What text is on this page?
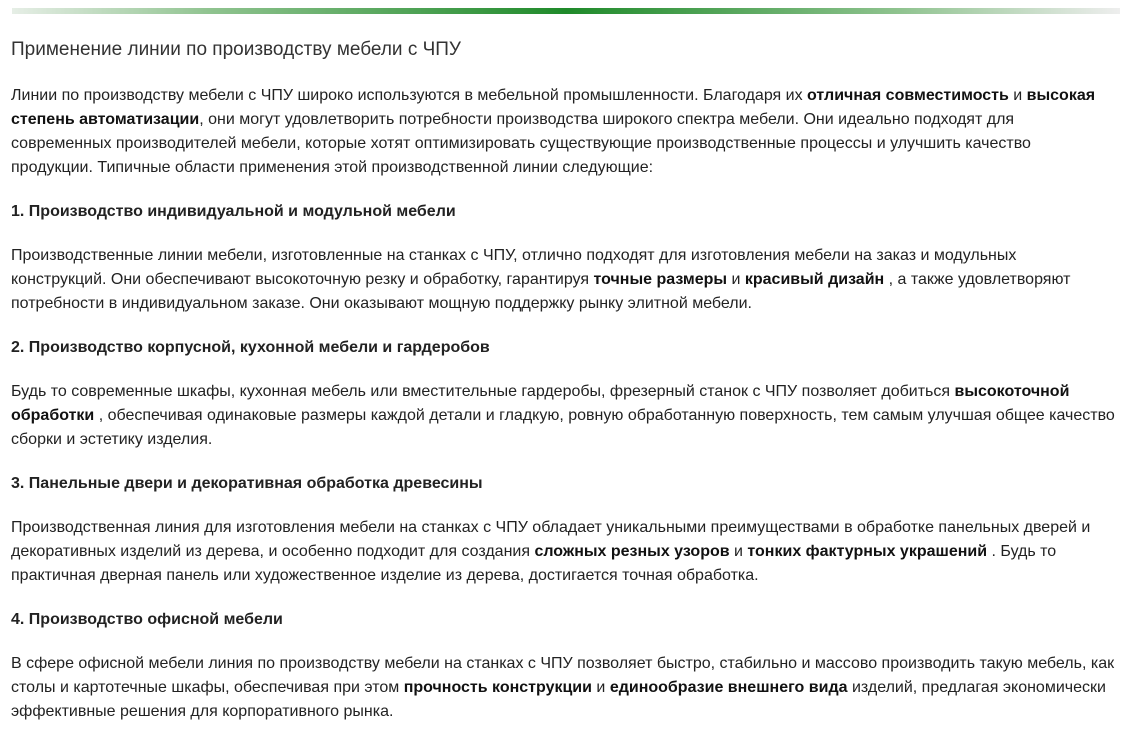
Применение линии по производству мебели с ЧПУ

Линии по производству мебели с ЧПУ широко используются в мебельной промышленности. Благодаря их отличная совместимость и высокая степень автоматизации, они могут удовлетворить потребности производства широкого спектра мебели. Они идеально подходят для современных производителей мебели, которые хотят оптимизировать существующие производственные процессы и улучшить качество продукции. Типичные области применения этой производственной линии следующие:

1. Производство индивидуальной и модульной мебели

Производственные линии мебели, изготовленные на станках с ЧПУ, отлично подходят для изготовления мебели на заказ и модульных конструкций. Они обеспечивают высокоточную резку и обработку, гарантируя точные размеры и красивый дизайн , а также удовлетворяют потребности в индивидуальном заказе. Они оказывают мощную поддержку рынку элитной мебели.

2. Производство корпусной, кухонной мебели и гардеробов

Будь то современные шкафы, кухонная мебель или вместительные гардеробы, фрезерный станок с ЧПУ позволяет добиться высокоточной обработки , обеспечивая одинаковые размеры каждой детали и гладкую, ровную обработанную поверхность, тем самым улучшая общее качество сборки и эстетику изделия.

3. Панельные двери и декоративная обработка древесины

Производственная линия для изготовления мебели на станках с ЧПУ обладает уникальными преимуществами в обработке панельных дверей и декоративных изделий из дерева, и особенно подходит для создания сложных резных узоров и тонких фактурных украшений . Будь то практичная дверная панель или художественное изделие из дерева, достигается точная обработка.

4. Производство офисной мебели

В сфере офисной мебели линия по производству мебели на станках с ЧПУ позволяет быстро, стабильно и массово производить такую мебель, как столы и картотечные шкафы, обеспечивая при этом прочность конструкции и единообразие внешнего вида изделий, предлагая экономически эффективные решения для корпоративного рынка.
